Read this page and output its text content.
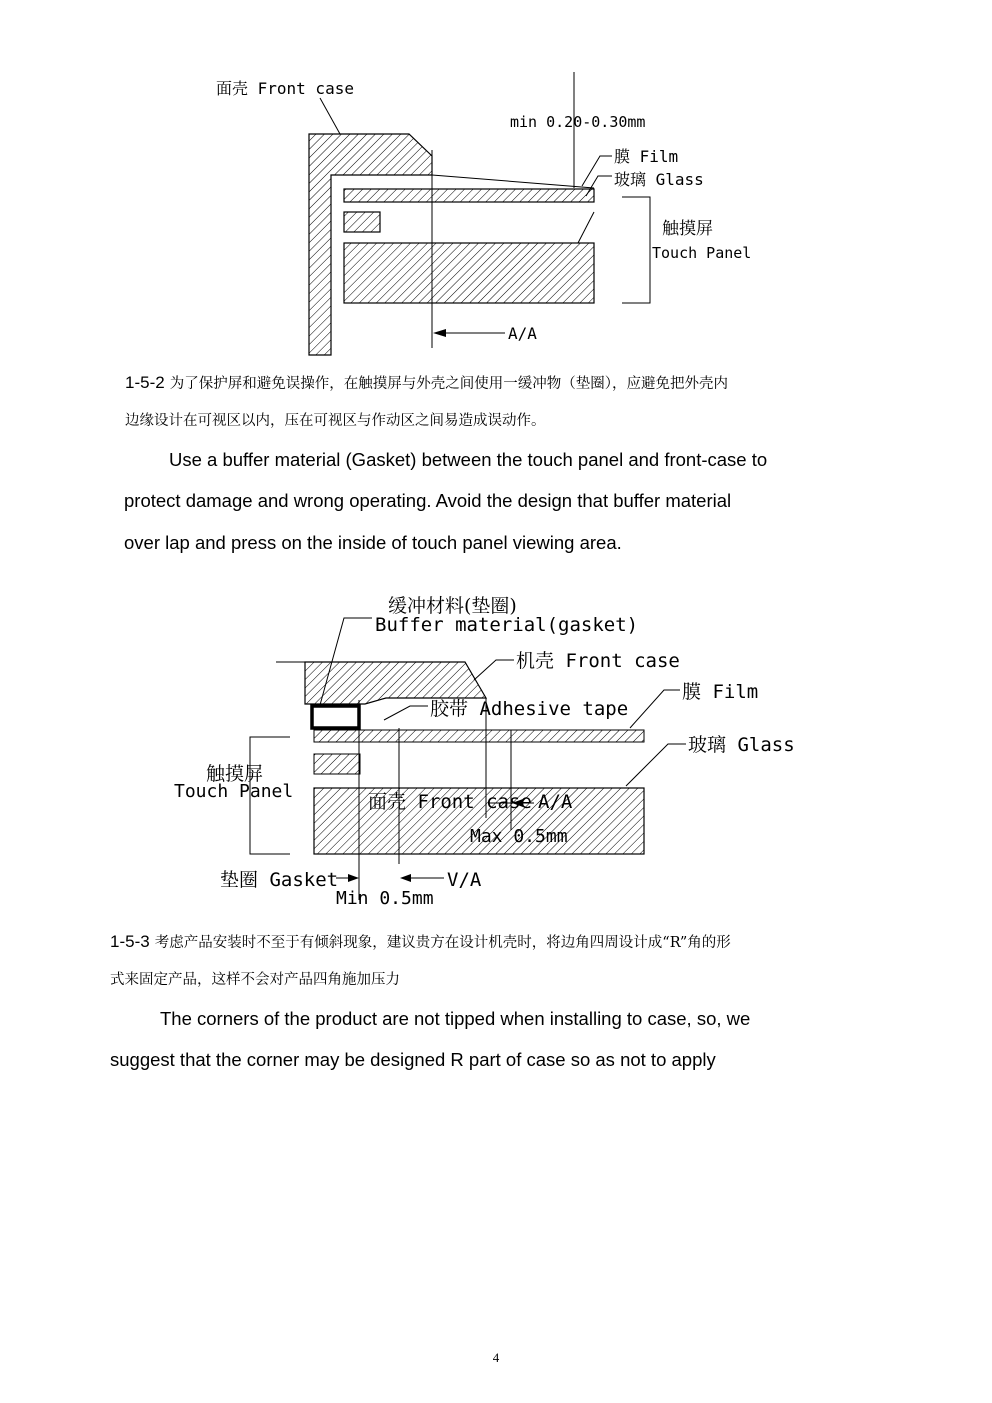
面壳 Front case
min 0.20-0.30mm
膜 Film
玻璃 Glass
触摸屏
Touch Panel
A/A
1-5-2 为了保护屏和避免误操作，在触摸屏与外壳之间使用一缓冲物（垫圈），应避免把外壳内
边缘设计在可视区以内，压在可视区与作动区之间易造成误动作。
Use a buffer material (Gasket) between the touch panel and front-case to
protect damage and wrong operating. Avoid the design that buffer material
over lap and press on the inside of touch panel viewing area.
缓冲材料(垫圈)
Buffer material(gasket)
机壳 Front case
膜 Film
胶带 Adhesive tape
玻璃 Glass
触摸屏
Touch Panel	面壳 Front case A/A
Max 0.5mm
垫圈 Gasket	V/A
Min 0.5mm
1-5-3 考虑产品安装时不至于有倾斜现象，建议贵方在设计机壳时，将边角四周设计成“R”角的形
式来固定产品，这样不会对产品四角施加压力
The corners of the product are not tipped when installing to case, so, we
suggest that the corner may be designed R part of case so as not to apply
4
